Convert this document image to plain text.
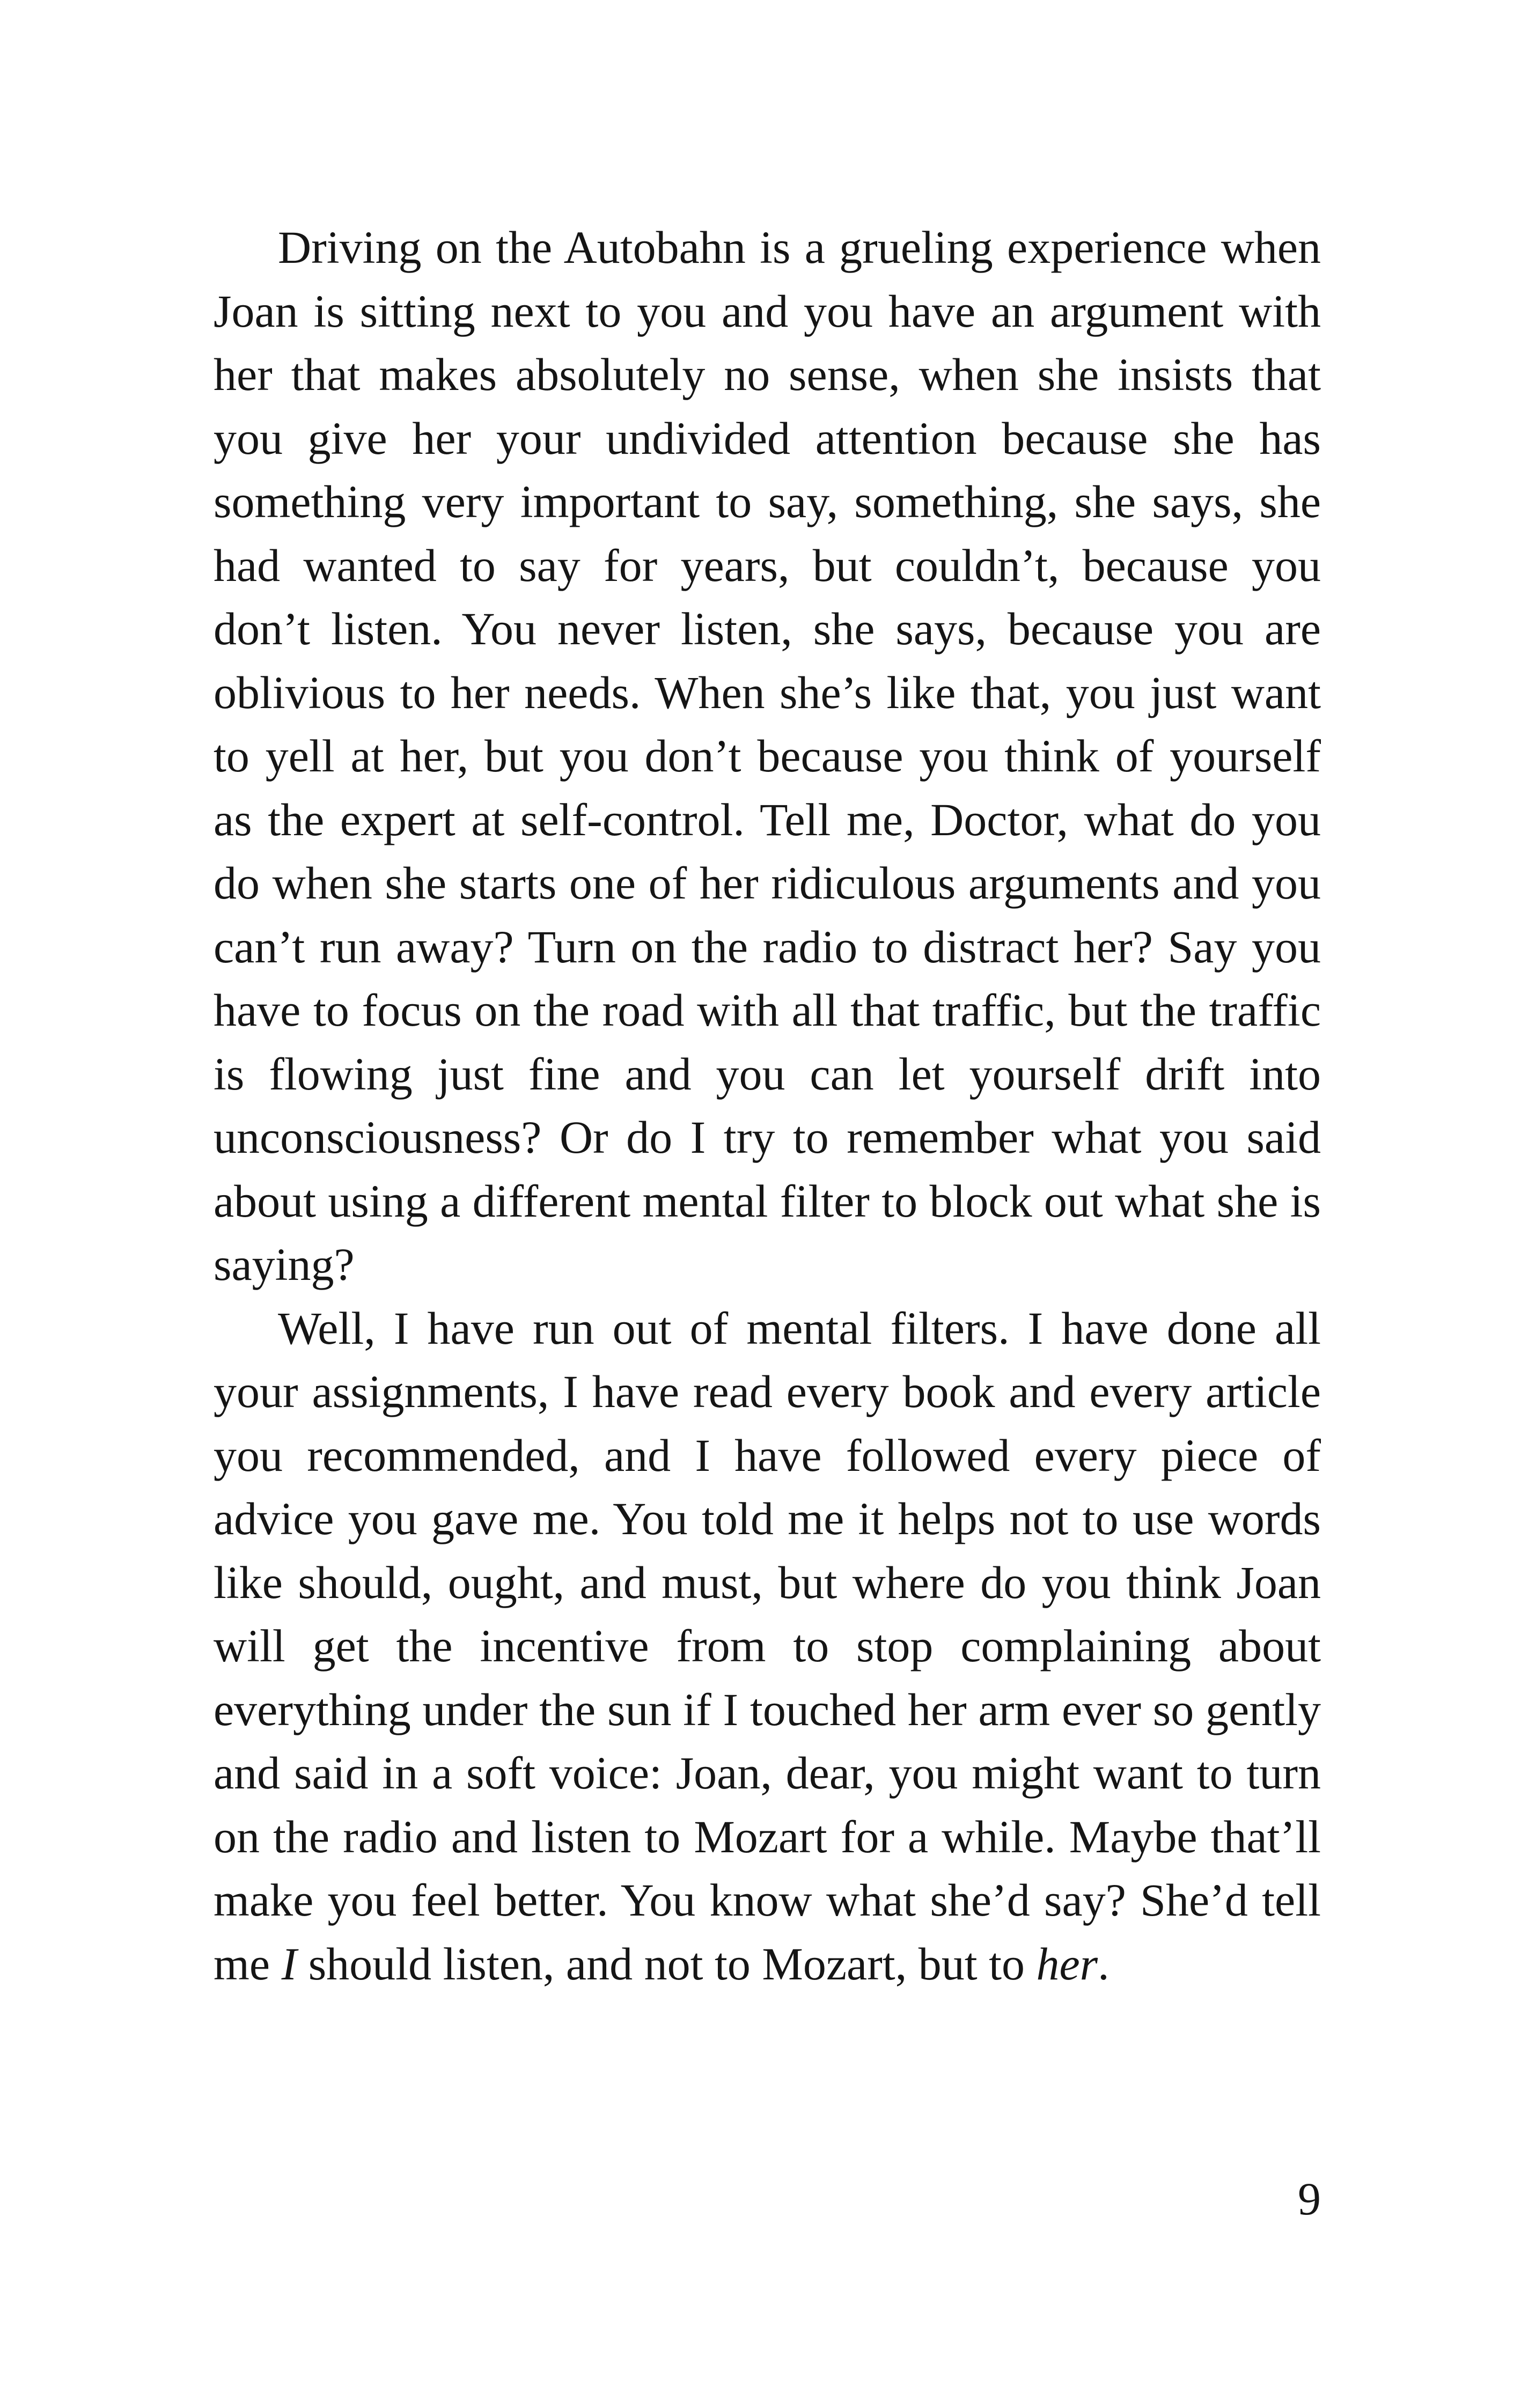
Driving on the Autobahn is a grueling experience when Joan is sitting next to you and you have an argument with her that makes absolutely no sense, when she insists that you give her your undivided attention because she has something very important to say, something, she says, she had wanted to say for years, but couldn’t, because you don’t listen. You never listen, she says, because you are oblivious to her needs. When she’s like that, you just want to yell at her, but you don’t because you think of yourself as the expert at self-control. Tell me, Doctor, what do you do when she starts one of her ridiculous arguments and you can’t run away? Turn on the radio to distract her? Say you have to focus on the road with all that traffic, but the traffic is flowing just fine and you can let yourself drift into unconsciousness? Or do I try to remember what you said about using a different mental filter to block out what she is saying?

Well, I have run out of mental filters. I have done all your assignments, I have read every book and every article you recommended, and I have followed every piece of advice you gave me. You told me it helps not to use words like should, ought, and must, but where do you think Joan will get the incentive from to stop complaining about everything under the sun if I touched her arm ever so gently and said in a soft voice: Joan, dear, you might want to turn on the radio and listen to Mozart for a while. Maybe that’ll make you feel better. You know what she’d say? She’d tell me I should listen, and not to Mozart, but to her.

9
